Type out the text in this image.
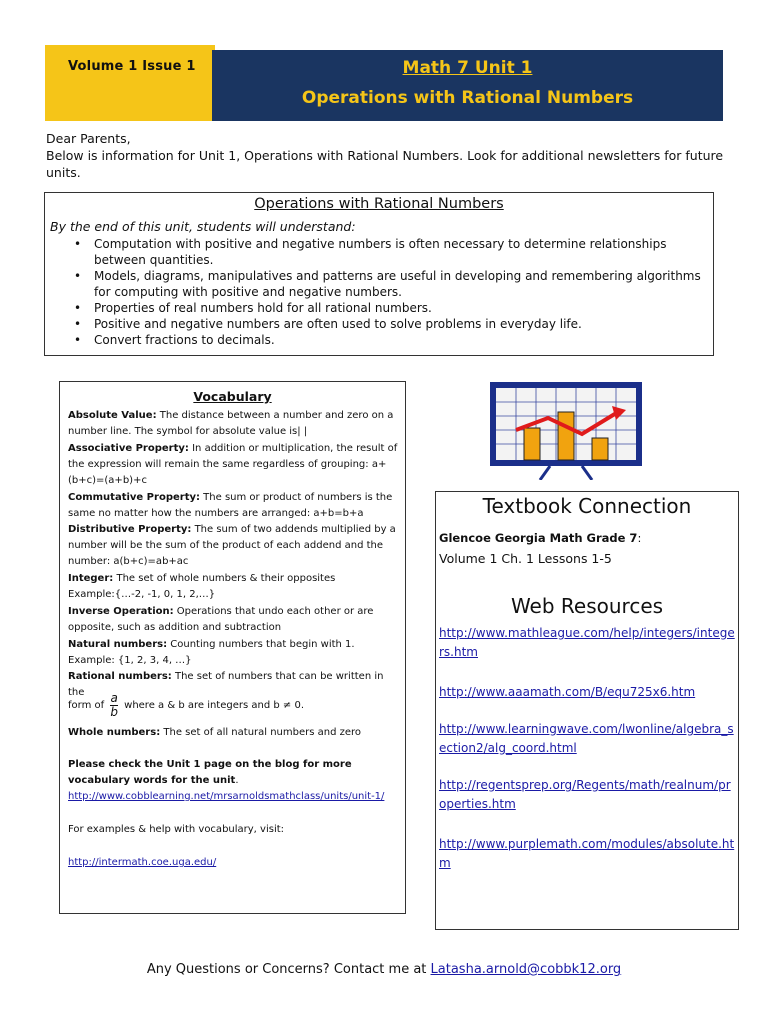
Volume 1 Issue 1	Math 7 Unit 1
Operations with Rational Numbers

Dear Parents,

Below is information for Unit 1, Operations with Rational Numbers. Look for additional newsletters for future units.

Operations with Rational Numbers
By the end of this unit, students will understand:
• Computation with positive and negative numbers is often necessary to determine relationships between quantities.
• Models, diagrams, manipulatives and patterns are useful in developing and remembering algorithms for computing with positive and negative numbers.
• Properties of real numbers hold for all rational numbers.
• Positive and negative numbers are often used to solve problems in everyday life.
• Convert fractions to decimals.
Vocabulary
Absolute Value: The distance between a number and zero on a number line. The symbol for absolute value is| |
Associative Property: In addition or multiplication, the result of the expression will remain the same regardless of grouping: a+(b+c)=(a+b)+c
Commutative Property: The sum or product of numbers is the same no matter how the numbers are arranged: a+b=b+a
Distributive Property: The sum of two addends multiplied by a number will be the sum of the product of each addend and the number: a(b+c)=ab+ac
Integer: The set of whole numbers & their opposites
Example:{…-2, -1, 0, 1, 2,…}
Inverse Operation: Operations that undo each other or are opposite, such as addition and subtraction
Natural numbers: Counting numbers that begin with 1.
Example: {1, 2, 3, 4, …}
Rational numbers: The set of numbers that can be written in the
form of $\frac{a}{b}$ where a & b are integers and b ≠ 0.
Whole numbers: The set of all natural numbers and zero
Please check the Unit 1 page on the blog for more vocabulary words for the unit.
http://www.cobblearning.net/mrsarnoldsmathclass/units/unit-1/
For examples & help with vocabulary, visit:
http://intermath.coe.uga.edu/
Textbook Connection
Glencoe Georgia Math Grade 7:
Volume 1 Ch. 1 Lessons 1-5
Web Resources
http://www.mathleague.com/help/integers/integers.htm
http://www.aaamath.com/B/equ725x6.htm
http://www.learningwave.com/lwonline/algebra_section2/alg_coord.html
http://regentsprep.org/Regents/math/realnum/properties.htm
http://www.purplemath.com/modules/absolute.htm
Any Questions or Concerns? Contact me at Latasha.arnold@cobbk12.org
